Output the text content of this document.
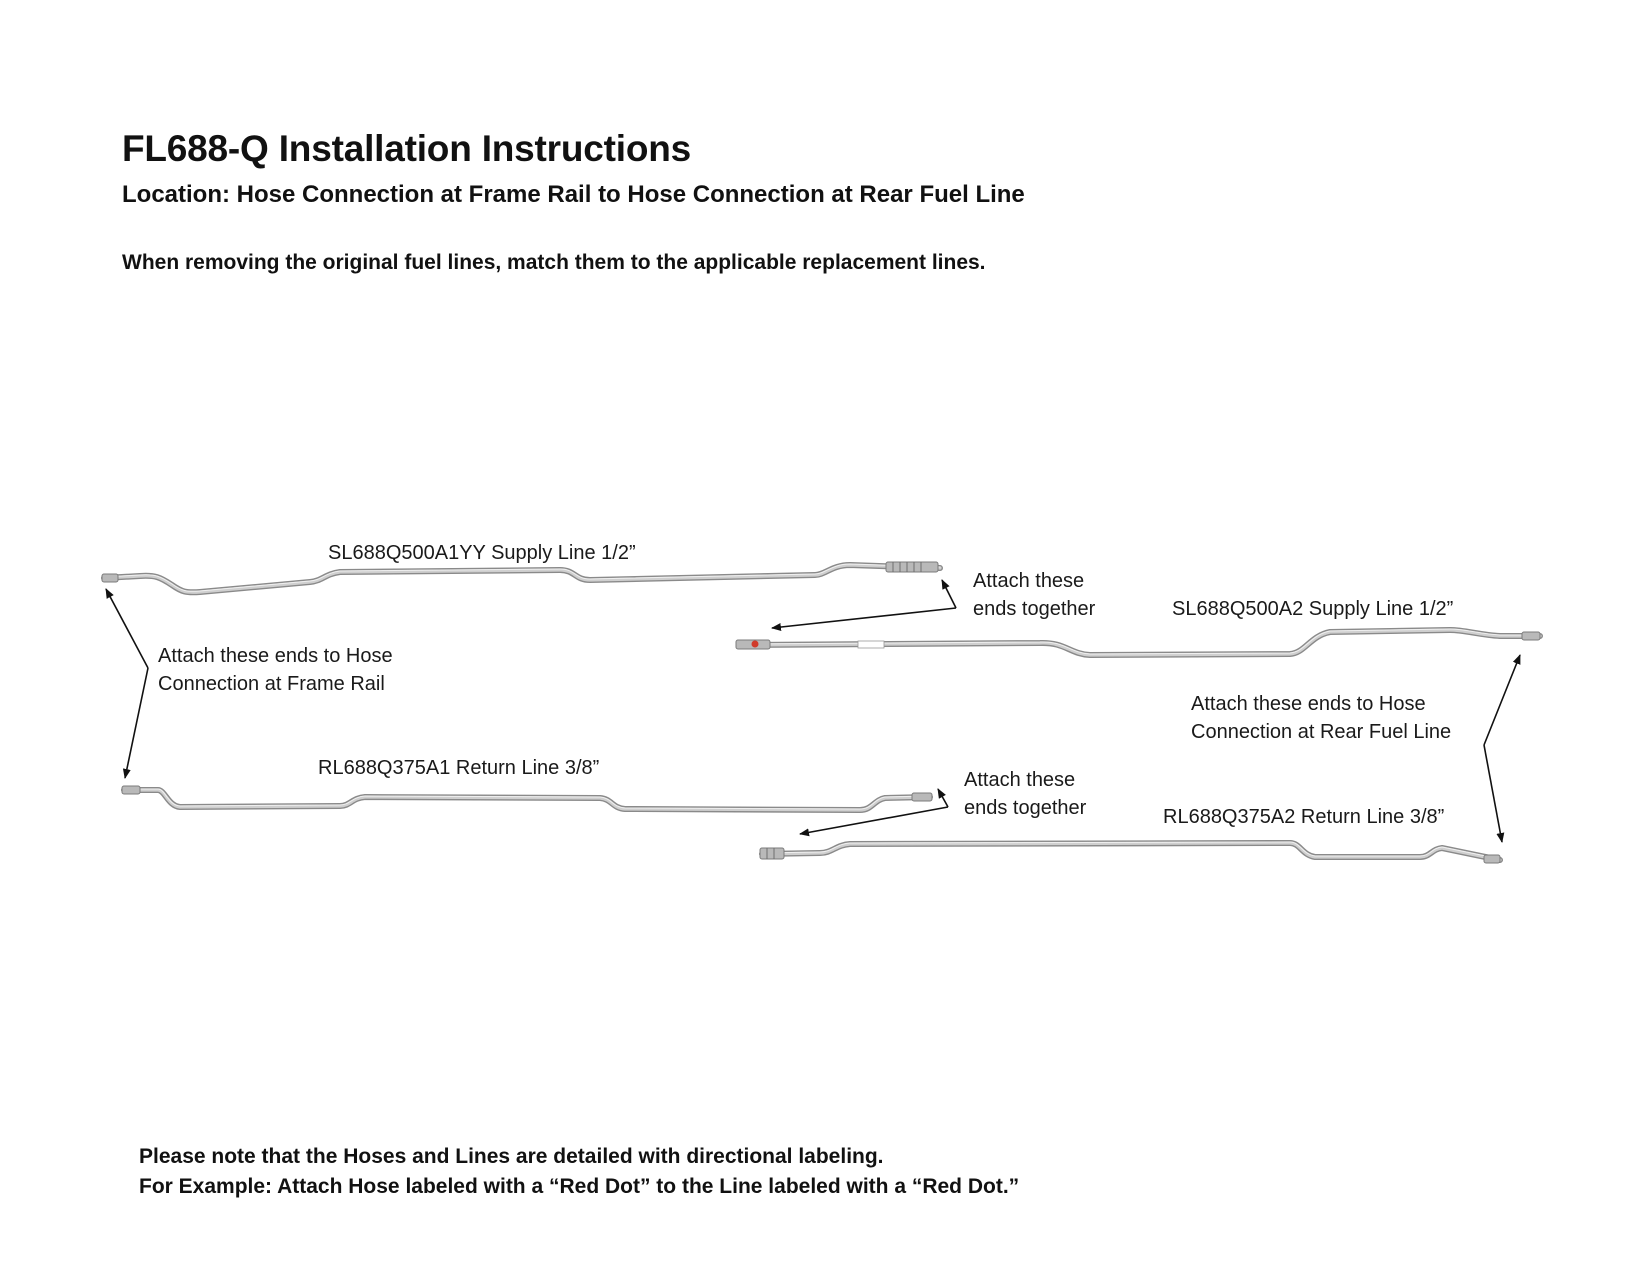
FL688-Q Installation Instructions
Location: Hose Connection at Frame Rail to Hose Connection at Rear Fuel Line
When removing the original fuel lines, match them to the applicable replacement lines.
SL688Q500A1YY Supply Line 1/2”
SL688Q500A2 Supply Line 1/2”
RL688Q375A1 Return Line 3/8”
RL688Q375A2 Return Line 3/8”
Attach these ends to Hose
Connection at Frame Rail
Attach these
ends together
Attach these
ends together
Attach these ends to Hose
Connection at Rear Fuel Line
Please note that the Hoses and Lines are detailed with directional labeling.
For Example: Attach Hose labeled with a “Red Dot” to the Line labeled with a “Red Dot.”
